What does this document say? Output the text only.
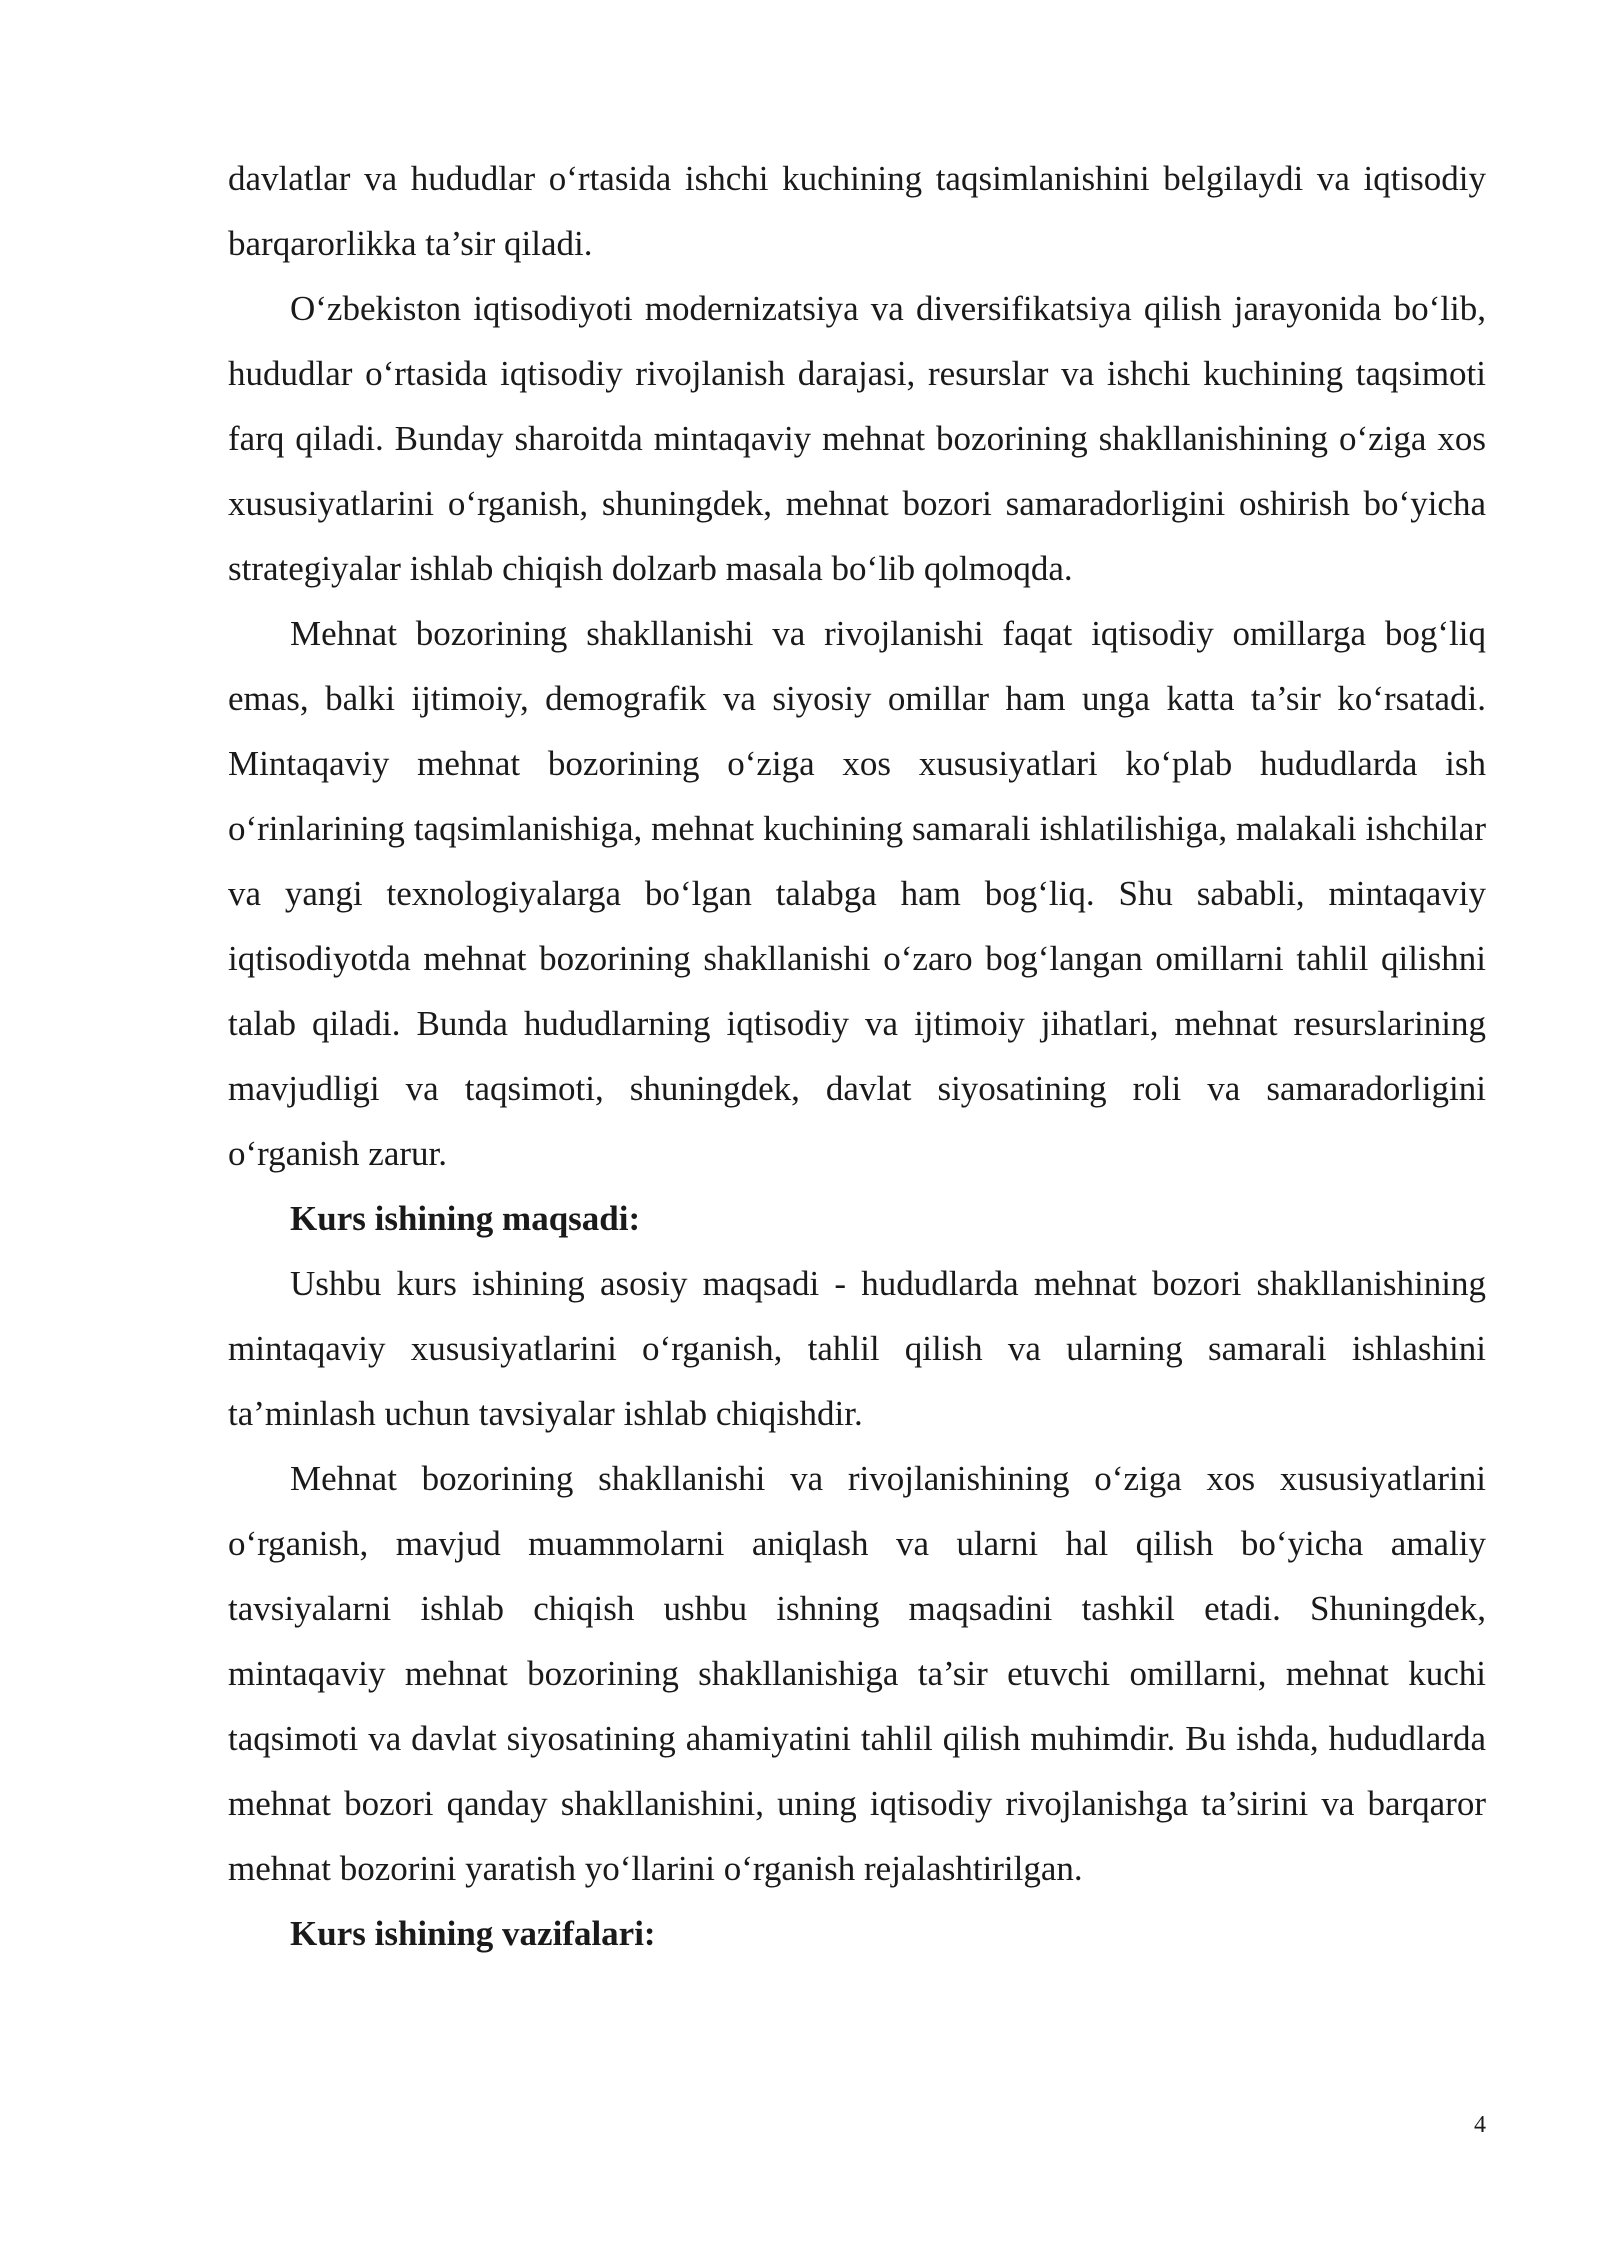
davlatlar va hududlar o‘rtasida ishchi kuchining taqsimlanishini belgilaydi va iqtisodiy barqarorlikka ta’sir qiladi.

O‘zbekiston iqtisodiyoti modernizatsiya va diversifikatsiya qilish jarayonida bo‘lib, hududlar o‘rtasida iqtisodiy rivojlanish darajasi, resurslar va ishchi kuchining taqsimoti farq qiladi. Bunday sharoitda mintaqaviy mehnat bozorining shakllanishining o‘ziga xos xususiyatlarini o‘rganish, shuningdek, mehnat bozori samaradorligini oshirish bo‘yicha strategiyalar ishlab chiqish dolzarb masala bo‘lib qolmoqda.

Mehnat bozorining shakllanishi va rivojlanishi faqat iqtisodiy omillarga bog‘liq emas, balki ijtimoiy, demografik va siyosiy omillar ham unga katta ta’sir ko‘rsatadi. Mintaqaviy mehnat bozorining o‘ziga xos xususiyatlari ko‘plab hududlarda ish o‘rinlarining taqsimlanishiga, mehnat kuchining samarali ishlatilishiga, malakali ishchilar va yangi texnologiyalarga bo‘lgan talabga ham bog‘liq. Shu sababli, mintaqaviy iqtisodiyotda mehnat bozorining shakllanishi o‘zaro bog‘langan omillarni tahlil qilishni talab qiladi. Bunda hududlarning iqtisodiy va ijtimoiy jihatlari, mehnat resurslarining mavjudligi va taqsimoti, shuningdek, davlat siyosatining roli va samaradorligini o‘rganish zarur.

Kurs ishining maqsadi:

Ushbu kurs ishining asosiy maqsadi - hududlarda mehnat bozori shakllanishining mintaqaviy xususiyatlarini o‘rganish, tahlil qilish va ularning samarali ishlashini ta’minlash uchun tavsiyalar ishlab chiqishdir.

Mehnat bozorining shakllanishi va rivojlanishining o‘ziga xos xususiyatlarini o‘rganish, mavjud muammolarni aniqlash va ularni hal qilish bo‘yicha amaliy tavsiyalarni ishlab chiqish ushbu ishning maqsadini tashkil etadi. Shuningdek, mintaqaviy mehnat bozorining shakllanishiga ta’sir etuvchi omillarni, mehnat kuchi taqsimoti va davlat siyosatining ahamiyatini tahlil qilish muhimdir. Bu ishda, hududlarda mehnat bozori qanday shakllanishini, uning iqtisodiy rivojlanishga ta’sirini va barqaror mehnat bozorini yaratish yo‘llarini o‘rganish rejalashtirilgan.

Kurs ishining vazifalari:

4
